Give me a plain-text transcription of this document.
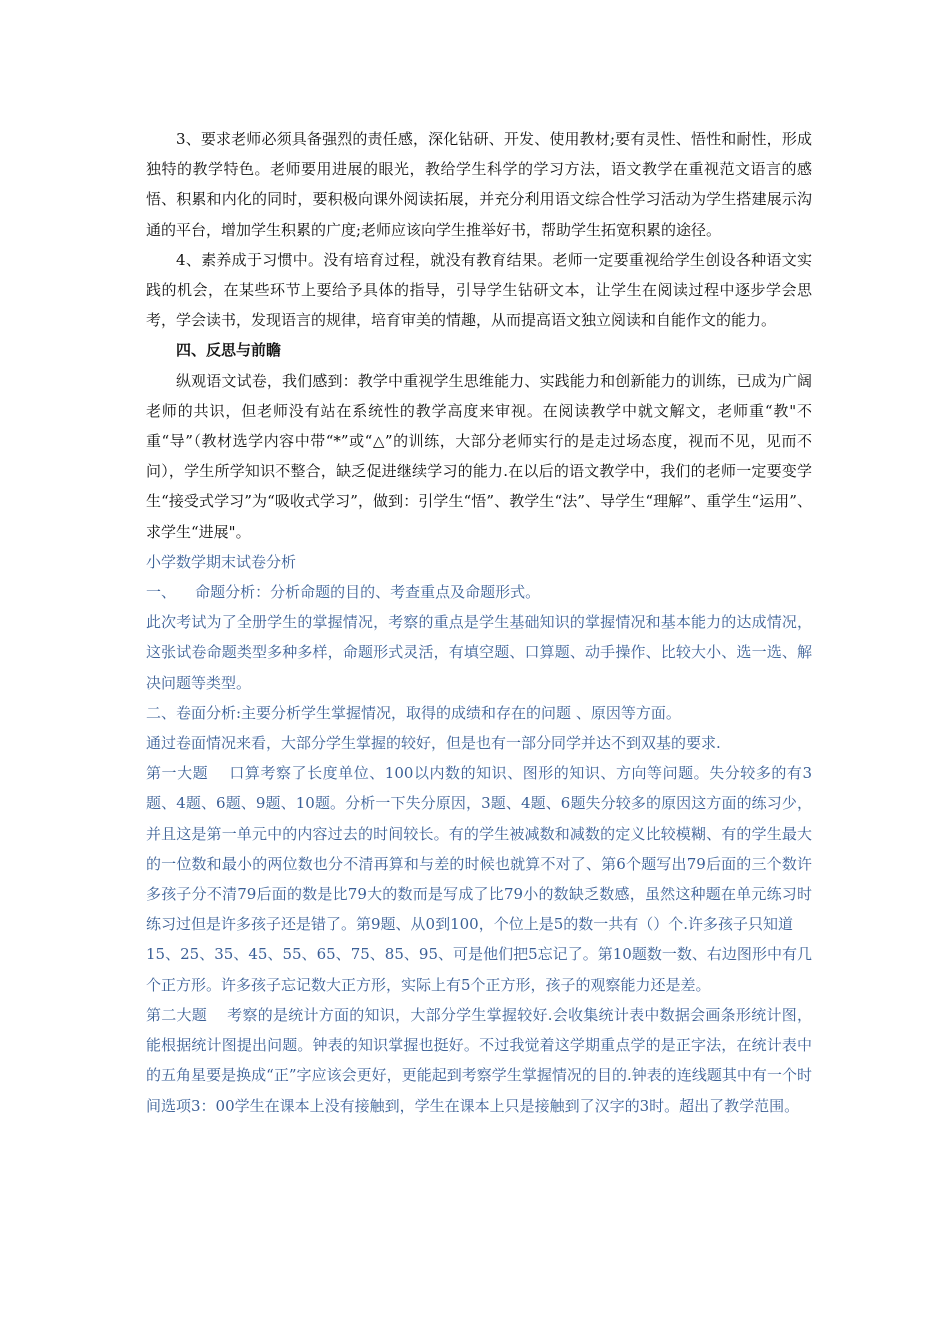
3、要求老师必须具备强烈的责任感，深化钻研、开发、使用教材;要有灵性、悟性和耐性，形成独特的教学特色。老师要用进展的眼光，教给学生科学的学习方法，语文教学在重视范文语言的感悟、积累和内化的同时，要积极向课外阅读拓展，并充分利用语文综合性学习活动为学生搭建展示沟通的平台，增加学生积累的广度;老师应该向学生推举好书，帮助学生拓宽积累的途径。

4、素养成于习惯中。没有培育过程，就没有教育结果。老师一定要重视给学生创设各种语文实践的机会，在某些环节上要给予具体的指导，引导学生钻研文本，让学生在阅读过程中逐步学会思考，学会读书，发现语言的规律，培育审美的情趣，从而提高语文独立阅读和自能作文的能力。

四、反思与前瞻

纵观语文试卷，我们感到：教学中重视学生思维能力、实践能力和创新能力的训练，已成为广阔老师的共识，但老师没有站在系统性的教学高度来审视。在阅读教学中就文解文，老师重“教"不重“导”（教材选学内容中带“*”或“△”的训练，大部分老师实行的是走过场态度，视而不见，见而不问），学生所学知识不整合，缺乏促进继续学习的能力.在以后的语文教学中，我们的老师一定要变学生“接受式学习”为“吸收式学习”，做到：引学生“悟”、教学生“法”、导学生“理解”、重学生“运用”、求学生“进展"。

小学数学期末试卷分析

一、    命题分析：分析命题的目的、考查重点及命题形式。

此次考试为了全册学生的掌握情况，考察的重点是学生基础知识的掌握情况和基本能力的达成情况，这张试卷命题类型多种多样，命题形式灵活，有填空题、口算题、动手操作、比较大小、选一选、解决问题等类型。

二、卷面分析:主要分析学生掌握情况，取得的成绩和存在的问题 、原因等方面。

通过卷面情况来看，大部分学生掌握的较好，但是也有一部分同学并达不到双基的要求.

第一大题    口算考察了长度单位、100以内数的知识、图形的知识、方向等问题。失分较多的有3题、4题、6题、9题、10题。分析一下失分原因，3题、4题、6题失分较多的原因这方面的练习少，并且这是第一单元中的内容过去的时间较长。有的学生被减数和减数的定义比较模糊、有的学生最大的一位数和最小的两位数也分不清再算和与差的时候也就算不对了、第6个题写出79后面的三个数许多孩子分不清79后面的数是比79大的数而是写成了比79小的数缺乏数感，虽然这种题在单元练习时练习过但是许多孩子还是错了。第9题、从0到100，个位上是5的数一共有（）个.许多孩子只知道

15、25、35、45、55、65、75、85、95、可是他们把5忘记了。第10题数一数、右边图形中有几个正方形。许多孩子忘记数大正方形，实际上有5个正方形，孩子的观察能力还是差。

第二大题    考察的是统计方面的知识，大部分学生掌握较好.会收集统计表中数据会画条形统计图，能根据统计图提出问题。钟表的知识掌握也挺好。不过我觉着这学期重点学的是正字法，在统计表中的五角星要是换成“正”字应该会更好，更能起到考察学生掌握情况的目的.钟表的连线题其中有一个时间选项3：00学生在课本上没有接触到，学生在课本上只是接触到了汉字的3时。超出了教学范围。
